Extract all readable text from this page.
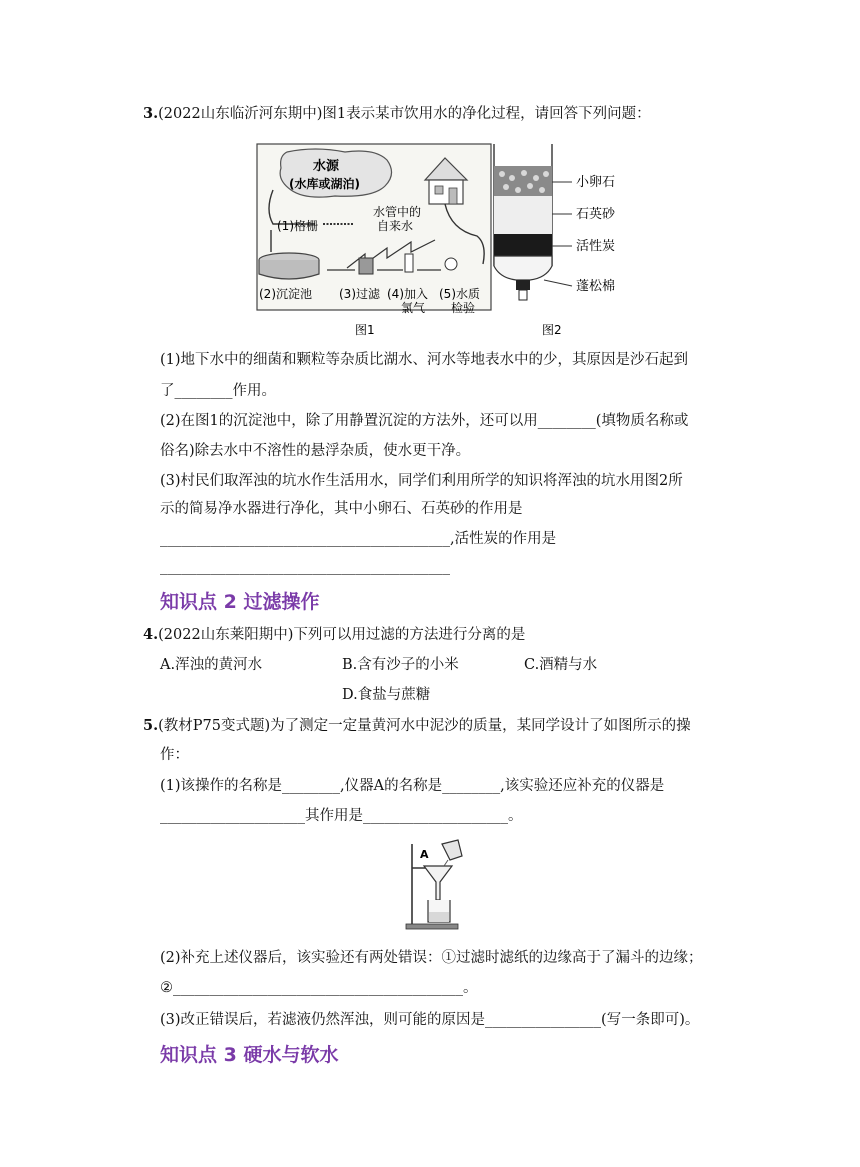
3.(2022山东临沂河东期中)图1表示某市饮用水的净化过程，请回答下列问题：
水源
(水库或湖泊)
(1)格栅
水管中的
自来水
(2)沉淀池 (3)过滤 (4)加入
氯气
(5)水质
检验
图1
小卵石
石英砂
活性炭
蓬松棉
图2
(1)地下水中的细菌和颗粒等杂质比湖水、河水等地表水中的少，其原因是沙石起到
了________作用。
(2)在图1的沉淀池中，除了用静置沉淀的方法外，还可以用________(填物质名称或
俗名)除去水中不溶性的悬浮杂质，使水更干净。
(3)村民们取浑浊的坑水作生活用水，同学们利用所学的知识将浑浊的坑水用图2所
示的简易净水器进行净化，其中小卵石、石英砂的作用是
________________________________________,活性炭的作用是
________________________________________
知识点 2 过滤操作
4.(2022山东莱阳期中)下列可以用过滤的方法进行分离的是
A.浑浊的黄河水	B.含有沙子的小米	C.酒精与水
D.食盐与蔗糖
5.(教材P75变式题)为了测定一定量黄河水中泥沙的质量，某同学设计了如图所示的操
作：
(1)该操作的名称是________,仪器A的名称是________,该实验还应补充的仪器是
____________________其作用是____________________。
A
(2)补充上述仪器后，该实验还有两处错误：①过滤时滤纸的边缘高于了漏斗的边缘；
②________________________________________。
(3)改正错误后，若滤液仍然浑浊，则可能的原因是________________(写一条即可)。
知识点 3 硬水与软水
